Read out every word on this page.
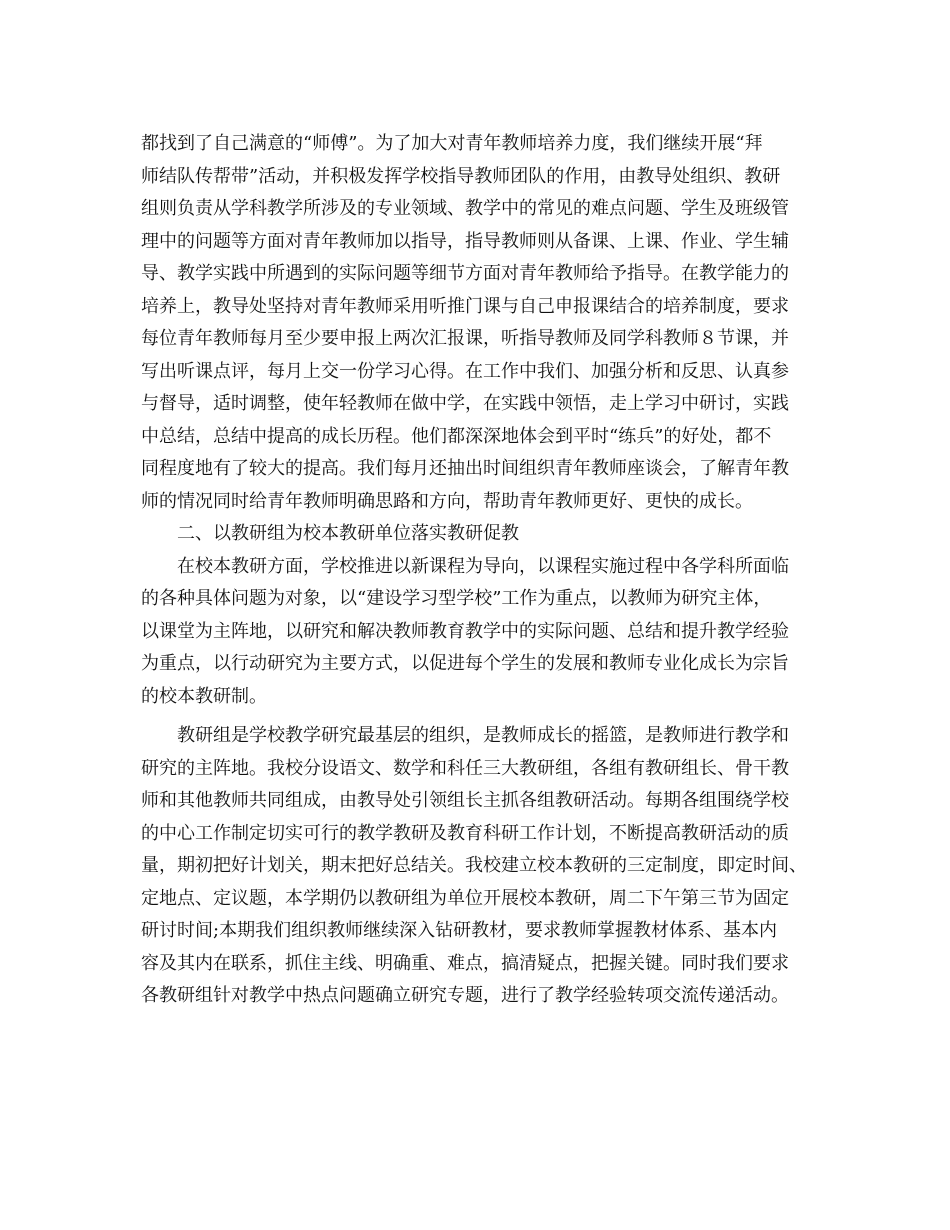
都找到了自己满意的“师傅”。为了加大对青年教师培养力度，我们继续开展“拜
师结队传帮带”活动，并积极发挥学校指导教师团队的作用，由教导处组织、教研
组则负责从学科教学所涉及的专业领域、教学中的常见的难点问题、学生及班级管
理中的问题等方面对青年教师加以指导，指导教师则从备课、上课、作业、学生辅
导、教学实践中所遇到的实际问题等细节方面对青年教师给予指导。在教学能力的
培养上，教导处坚持对青年教师采用听推门课与自己申报课结合的培养制度，要求
每位青年教师每月至少要申报上两次汇报课，听指导教师及同学科教师８节课，并
写出听课点评，每月上交一份学习心得。在工作中我们、加强分析和反思、认真参
与督导，适时调整，使年轻教师在做中学，在实践中领悟，走上学习中研讨，实践
中总结，总结中提高的成长历程。他们都深深地体会到平时“练兵”的好处，都不
同程度地有了较大的提高。我们每月还抽出时间组织青年教师座谈会，了解青年教
师的情况同时给青年教师明确思路和方向，帮助青年教师更好、更快的成长。
二、以教研组为校本教研单位落实教研促教
在校本教研方面，学校推进以新课程为导向，以课程实施过程中各学科所面临
的各种具体问题为对象，以“建设学习型学校”工作为重点，以教师为研究主体，
以课堂为主阵地，以研究和解决教师教育教学中的实际问题、总结和提升教学经验
为重点，以行动研究为主要方式，以促进每个学生的发展和教师专业化成长为宗旨
的校本教研制。
教研组是学校教学研究最基层的组织，是教师成长的摇篮，是教师进行教学和
研究的主阵地。我校分设语文、数学和科任三大教研组，各组有教研组长、骨干教
师和其他教师共同组成，由教导处引领组长主抓各组教研活动。每期各组围绕学校
的中心工作制定切实可行的教学教研及教育科研工作计划，不断提高教研活动的质
量，期初把好计划关，期末把好总结关。我校建立校本教研的三定制度，即定时间、
定地点、定议题，本学期仍以教研组为单位开展校本教研，周二下午第三节为固定
研讨时间;本期我们组织教师继续深入钻研教材，要求教师掌握教材体系、基本内
容及其内在联系，抓住主线、明确重、难点，搞清疑点，把握关键。同时我们要求
各教研组针对教学中热点问题确立研究专题，进行了教学经验转项交流传递活动。
